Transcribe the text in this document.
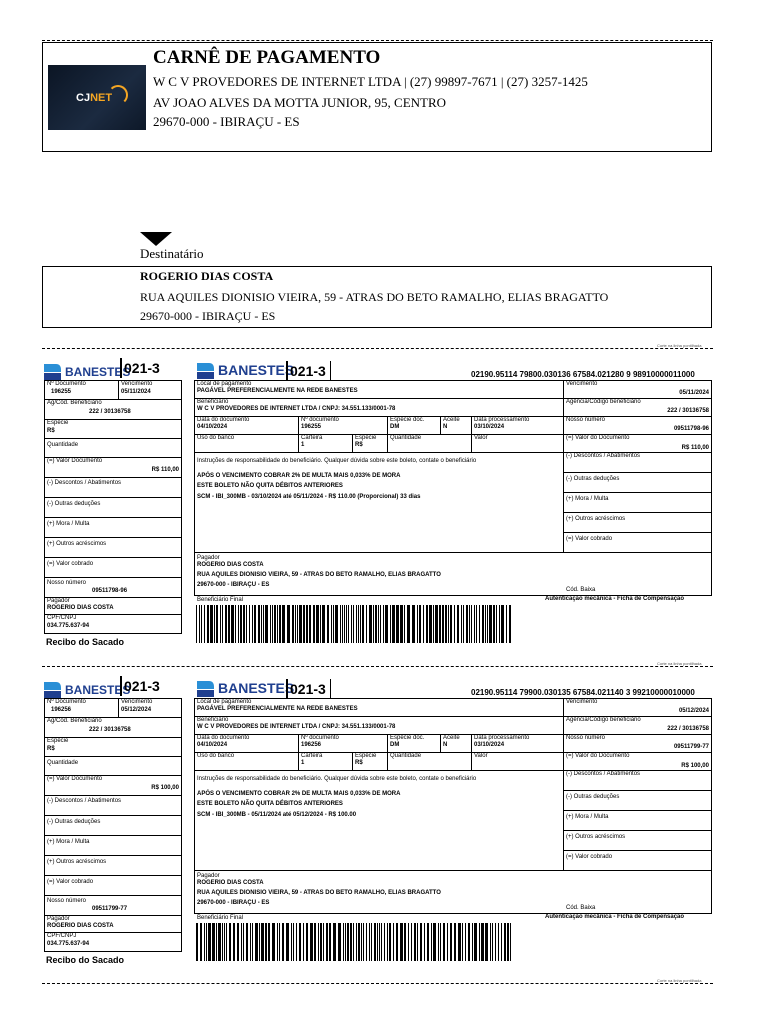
CJNET
CARNÊ DE PAGAMENTO
W C V PROVEDORES DE INTERNET LTDA | (27) 99897-7671 | (27) 3257-1425
AV JOAO ALVES DA MOTTA JUNIOR, 95, CENTRO
29670-000 - IBIRAÇU - ES
Destinatário
ROGERIO DIAS COSTA
RUA AQUILES DIONISIO VIEIRA, 59 - ATRAS DO BETO RAMALHO, ELIAS BRAGATTO
29670-000 - IBIRAÇU - ES
Corte na linha pontilhada
BANESTES
021-3
Nº Documento
196255
Vencimento
05/11/2024
Ag/Cód. Beneficiário
222 / 30136758
Espécie
R$
Quantidade
(=) Valor Documento
R$ 110,00
(-) Descontos / Abatimentos
(-) Outras deduções
(+) Mora / Multa
(+) Outros acréscimos
(=) Valor cobrado
Nosso número
09511798-96
Pagador
ROGERIO DIAS COSTA
CPF/CNPJ
034.775.637-94
Recibo do Sacado
BANESTES
021-3	02190.95114 79800.030136 67584.021280 9 98910000011000
Local de pagamento
PAGÁVEL PREFERENCIALMENTE NA REDE BANESTES
Vencimento
05/11/2024
Beneficiário
W C V PROVEDORES DE INTERNET LTDA / CNPJ: 34.551.133/0001-78
Agência/Código beneficiário
222 / 30136758
Data do documento
04/10/2024
Nº documento
196255
Espécie doc.
DM
Aceite
N
Data processamento
03/10/2024
Nosso número
09511798-96
Uso do banco	Carteira
1
Espécie
R$
Quantidade	Valor	(=) Valor do Documento
R$ 110,00
Instruções de responsabilidade do beneficiário. Qualquer dúvida sobre este boleto, contate o beneficiário
APÓS O VENCIMENTO COBRAR 2% DE MULTA MAIS 0,033% DE MORA
ESTE BOLETO NÃO QUITA DÉBITOS ANTERIORES
SCM - IBI_300MB - 03/10/2024 até 05/11/2024 - R$ 110.00 (Proporcional) 33 dias
(-) Descontos / Abatimentos
(-) Outras deduções
(+) Mora / Multa
(+) Outros acréscimos
(=) Valor cobrado
Pagador
ROGERIO DIAS COSTA
RUA AQUILES DIONISIO VIEIRA, 59 - ATRAS DO BETO RAMALHO, ELIAS BRAGATTO
29670-000 - IBIRAÇU - ES
Cód. Baixa
Beneficiário Final	Autenticação mecânica - Ficha de Compensação
Corte na linha pontilhada
BANESTES
021-3
Nº Documento
196256
Vencimento
05/12/2024
Ag/Cód. Beneficiário
222 / 30136758
Espécie
R$
Quantidade
(=) Valor Documento
R$ 100,00
(-) Descontos / Abatimentos
(-) Outras deduções
(+) Mora / Multa
(+) Outros acréscimos
(=) Valor cobrado
Nosso número
09511799-77
Pagador
ROGERIO DIAS COSTA
CPF/CNPJ
034.775.637-94
Recibo do Sacado
BANESTES
021-3	02190.95114 79900.030135 67584.021140 3 99210000010000
Local de pagamento
PAGÁVEL PREFERENCIALMENTE NA REDE BANESTES
Vencimento
05/12/2024
Beneficiário
W C V PROVEDORES DE INTERNET LTDA / CNPJ: 34.551.133/0001-78
Agência/Código beneficiário
222 / 30136758
Data do documento
04/10/2024
Nº documento
196256
Espécie doc.
DM
Aceite
N
Data processamento
03/10/2024
Nosso número
09511799-77
Uso do banco	Carteira
1
Espécie
R$
Quantidade	Valor	(=) Valor do Documento
R$ 100,00
Instruções de responsabilidade do beneficiário. Qualquer dúvida sobre este boleto, contate o beneficiário
APÓS O VENCIMENTO COBRAR 2% DE MULTA MAIS 0,033% DE MORA
ESTE BOLETO NÃO QUITA DÉBITOS ANTERIORES
SCM - IBI_300MB - 05/11/2024 até 05/12/2024 - R$ 100.00
(-) Descontos / Abatimentos
(-) Outras deduções
(+) Mora / Multa
(+) Outros acréscimos
(=) Valor cobrado
Pagador
ROGERIO DIAS COSTA
RUA AQUILES DIONISIO VIEIRA, 59 - ATRAS DO BETO RAMALHO, ELIAS BRAGATTO
29670-000 - IBIRAÇU - ES
Cód. Baixa
Beneficiário Final	Autenticação mecânica - Ficha de Compensação
Corte na linha pontilhada
